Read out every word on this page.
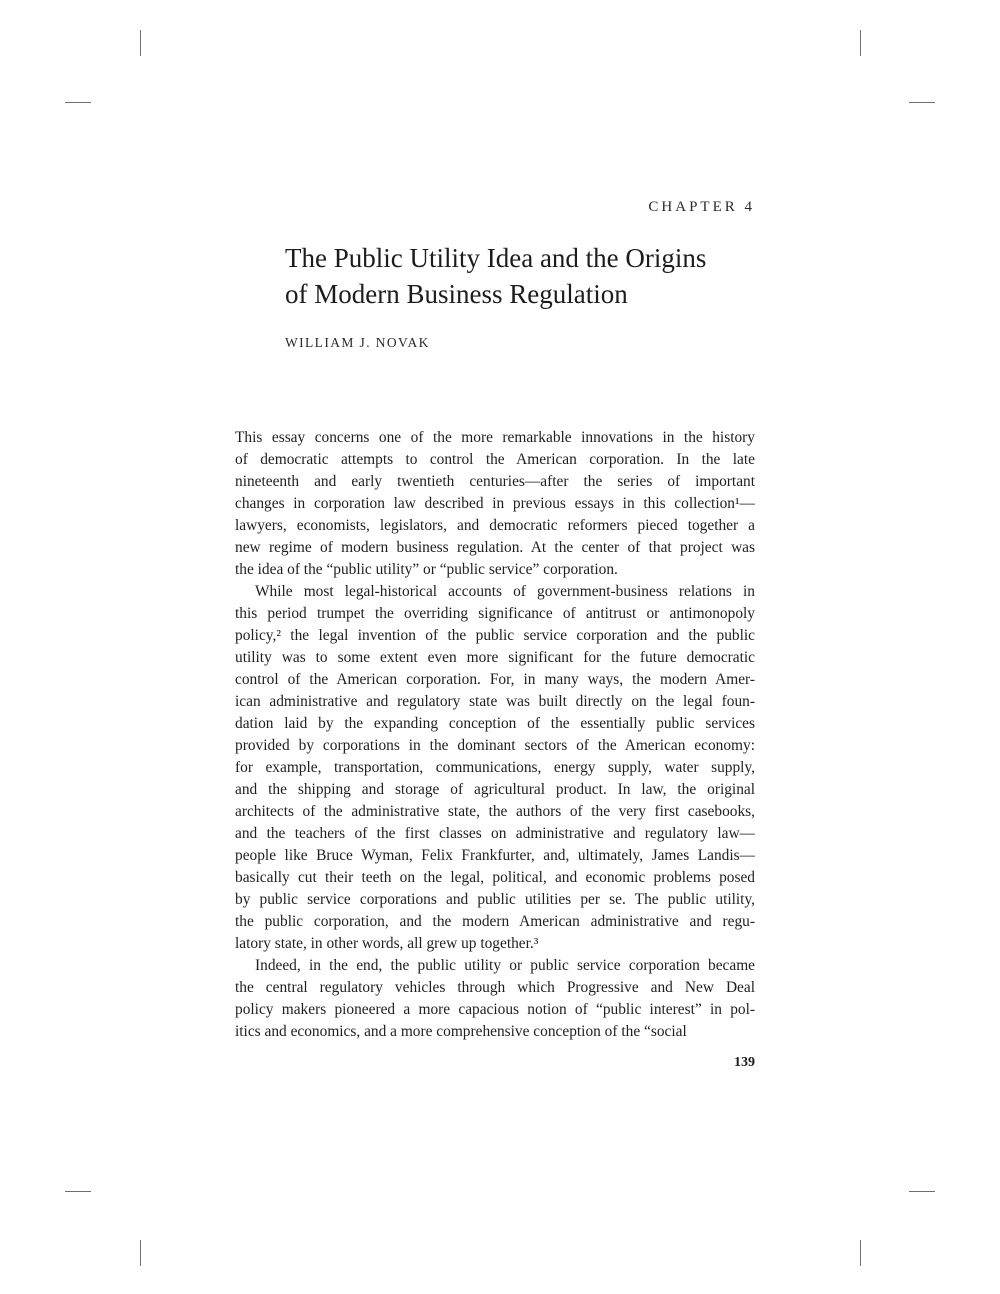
CHAPTER 4
The Public Utility Idea and the Origins
of Modern Business Regulation
WILLIAM J. NOVAK
This essay concerns one of the more remarkable innovations in the history
of democratic attempts to control the American corporation. In the late
nineteenth and early twentieth centuries—after the series of important
changes in corporation law described in previous essays in this collection¹—
lawyers, economists, legislators, and democratic reformers pieced together a
new regime of modern business regulation. At the center of that project was
the idea of the “public utility” or “public service” corporation.
While most legal-historical accounts of government-business relations in
this period trumpet the overriding significance of antitrust or antimonopoly
policy,² the legal invention of the public service corporation and the public
utility was to some extent even more significant for the future democratic
control of the American corporation. For, in many ways, the modern Amer-
ican administrative and regulatory state was built directly on the legal foun-
dation laid by the expanding conception of the essentially public services
provided by corporations in the dominant sectors of the American economy:
for example, transportation, communications, energy supply, water supply,
and the shipping and storage of agricultural product. In law, the original
architects of the administrative state, the authors of the very first casebooks,
and the teachers of the first classes on administrative and regulatory law—
people like Bruce Wyman, Felix Frankfurter, and, ultimately, James Landis—
basically cut their teeth on the legal, political, and economic problems posed
by public service corporations and public utilities per se. The public utility,
the public corporation, and the modern American administrative and regu-
latory state, in other words, all grew up together.³
Indeed, in the end, the public utility or public service corporation became
the central regulatory vehicles through which Progressive and New Deal
policy makers pioneered a more capacious notion of “public interest” in pol-
itics and economics, and a more comprehensive conception of the “social
139
